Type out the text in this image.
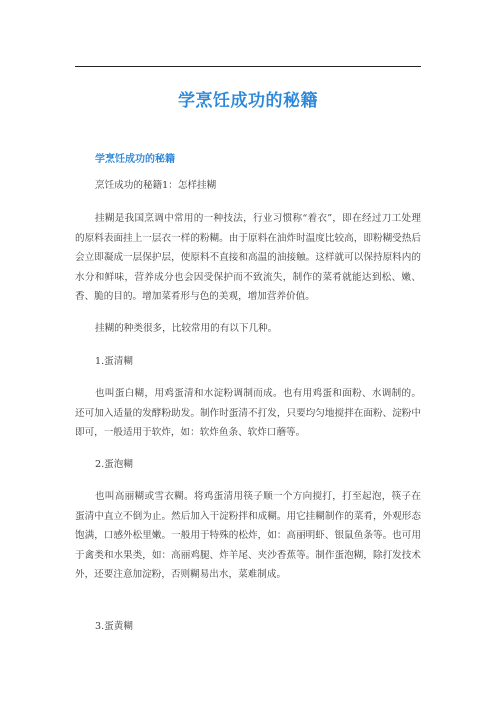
学烹饪成功的秘籍
学烹饪成功的秘籍

烹饪成功的秘籍1：怎样挂糊

挂糊是我国烹调中常用的一种技法，行业习惯称“着衣”，即在经过刀工处理的原料表面挂上一层衣一样的粉糊。由于原料在油炸时温度比较高，即粉糊受热后会立即凝成一层保护层，使原料不直接和高温的油接触。这样就可以保持原料内的水分和鲜味，营养成分也会因受保护而不致流失，制作的菜肴就能达到松、嫩、香、脆的目的。增加菜肴形与色的美观，增加营养价值。

挂糊的种类很多，比较常用的有以下几种。

1.蛋清糊

也叫蛋白糊，用鸡蛋清和水淀粉调制而成。也有用鸡蛋和面粉、水调制的。还可加入适量的发酵粉助发。制作时蛋清不打发，只要均匀地搅拌在面粉、淀粉中即可，一般适用于软炸，如：软炸鱼条、软炸口蘑等。

2.蛋泡糊

也叫高丽糊或雪衣糊。将鸡蛋清用筷子顺一个方向搅打，打至起泡，筷子在蛋清中直立不倒为止。然后加入干淀粉拌和成糊。用它挂糊制作的菜肴，外观形态饱满，口感外松里嫩。一般用于特殊的松炸，如：高丽明虾、银鼠鱼条等。也可用于禽类和水果类，如：高丽鸡腿、炸羊尾、夹沙香蕉等。制作蛋泡糊，除打发技术外，还要注意加淀粉，否则糊易出水，菜难制成。

3.蛋黄糊
